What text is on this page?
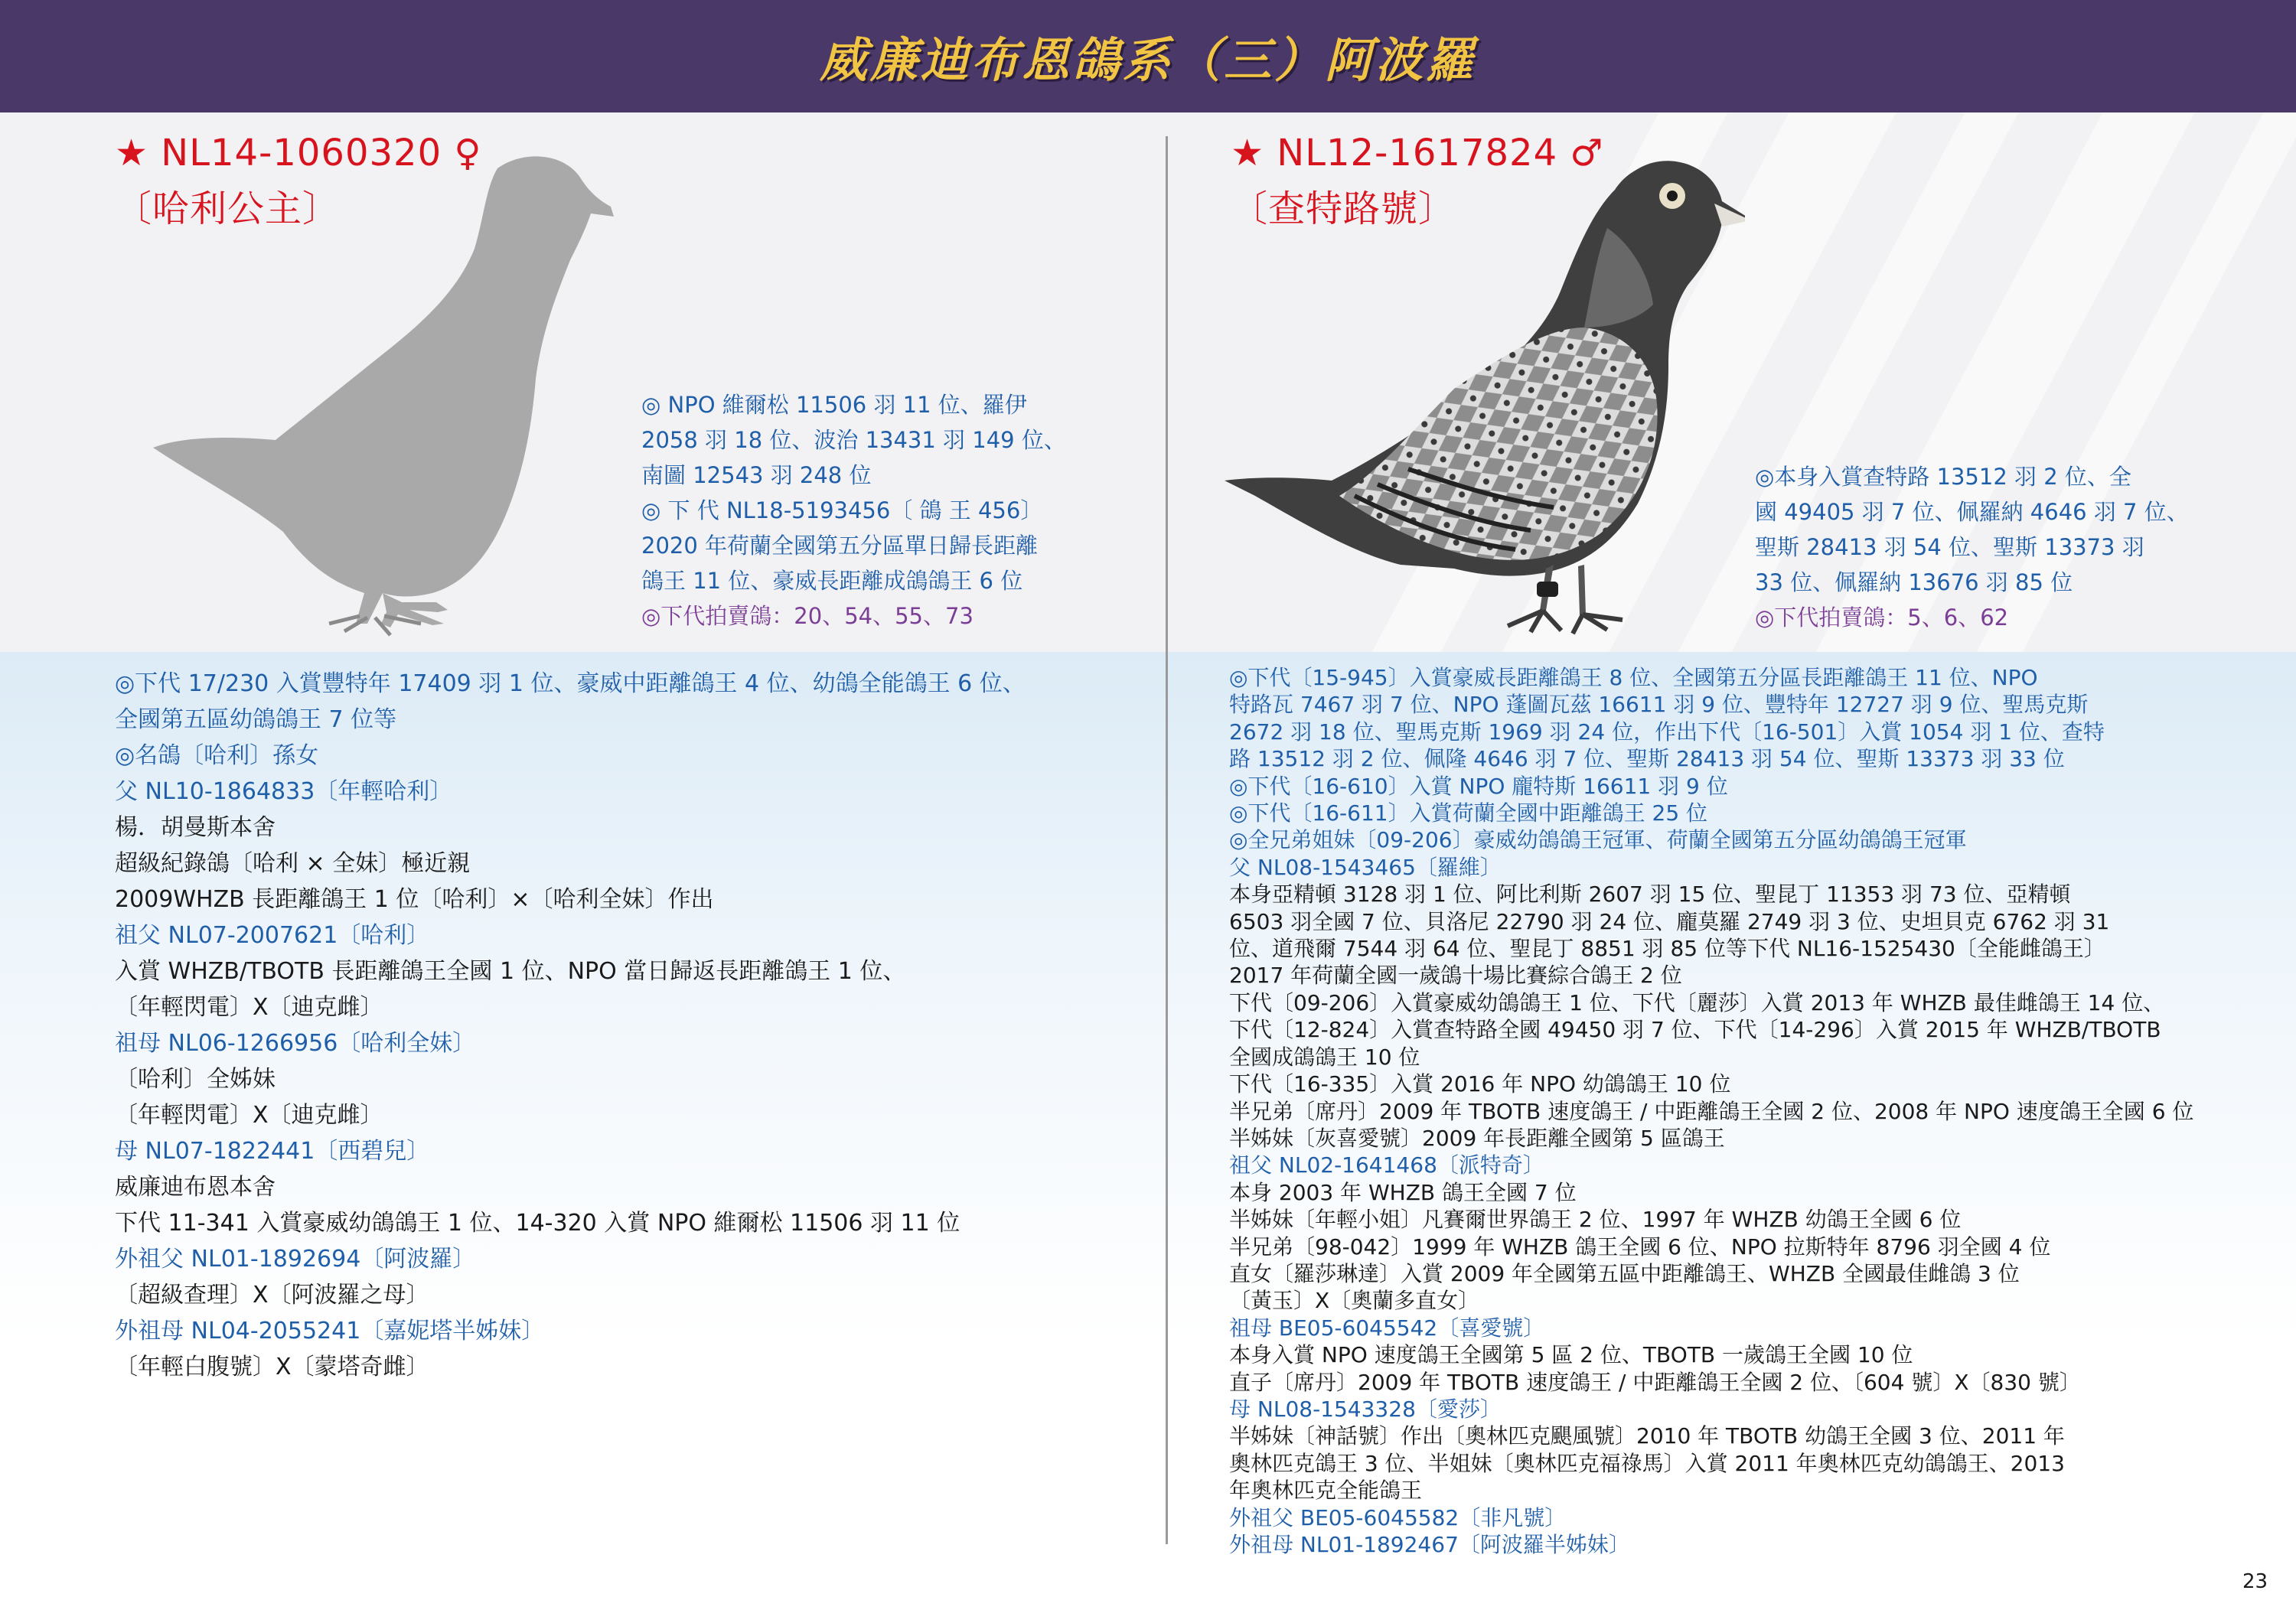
威廉迪布恩鴿系（三）阿波羅
★ NL14-1060320 ♀
〔哈利公主〕
◎ NPO 維爾松 11506 羽 11 位、羅伊
2058 羽 18 位、波治 13431 羽 149 位、
南圖 12543 羽 248 位
◎ 下 代 NL18-5193456〔 鴿 王 456〕
2020 年荷蘭全國第五分區單日歸長距離
鴿王 11 位、豪威長距離成鴿鴿王 6 位
◎下代拍賣鴿：20、54、55、73
★ NL12-1617824 ♂
〔查特路號〕
◎本身入賞查特路 13512 羽 2 位、全
國 49405 羽 7 位、佩羅納 4646 羽 7 位、
聖斯 28413 羽 54 位、聖斯 13373 羽
33 位、佩羅納 13676 羽 85 位
◎下代拍賣鴿：5、6、62
◎下代 17/230 入賞豐特年 17409 羽 1 位、豪威中距離鴿王 4 位、幼鴿全能鴿王 6 位、
全國第五區幼鴿鴿王 7 位等
◎名鴿〔哈利〕孫女
父 NL10-1864833〔年輕哈利〕
楊．胡曼斯本舍
超級紀錄鴿〔哈利 × 全妹〕極近親
2009WHZB 長距離鴿王 1 位〔哈利〕×〔哈利全妹〕作出
祖父 NL07-2007621〔哈利〕
入賞 WHZB/TBOTB 長距離鴿王全國 1 位、NPO 當日歸返長距離鴿王 1 位、
〔年輕閃電〕X〔迪克雌〕
祖母 NL06-1266956〔哈利全妹〕
〔哈利〕全姊妹
〔年輕閃電〕X〔迪克雌〕
母 NL07-1822441〔西碧兒〕
威廉迪布恩本舍
下代 11-341 入賞豪威幼鴿鴿王 1 位、14-320 入賞 NPO 維爾松 11506 羽 11 位
外祖父 NL01-1892694〔阿波羅〕
〔超級查理〕X〔阿波羅之母〕
外祖母 NL04-2055241〔嘉妮塔半姊妹〕
〔年輕白腹號〕X〔蒙塔奇雌〕
◎下代〔15-945〕入賞豪威長距離鴿王 8 位、全國第五分區長距離鴿王 11 位、NPO
特路瓦 7467 羽 7 位、NPO 蓬圖瓦茲 16611 羽 9 位、豐特年 12727 羽 9 位、聖馬克斯
2672 羽 18 位、聖馬克斯 1969 羽 24 位，作出下代〔16-501〕入賞 1054 羽 1 位、查特
路 13512 羽 2 位、佩隆 4646 羽 7 位、聖斯 28413 羽 54 位、聖斯 13373 羽 33 位
◎下代〔16-610〕入賞 NPO 龐特斯 16611 羽 9 位
◎下代〔16-611〕入賞荷蘭全國中距離鴿王 25 位
◎全兄弟姐妹〔09-206〕豪威幼鴿鴿王冠軍、荷蘭全國第五分區幼鴿鴿王冠軍
父 NL08-1543465〔羅維〕
本身亞精頓 3128 羽 1 位、阿比利斯 2607 羽 15 位、聖昆丁 11353 羽 73 位、亞精頓
6503 羽全國 7 位、貝洛尼 22790 羽 24 位、龐莫羅 2749 羽 3 位、史坦貝克 6762 羽 31
位、道飛爾 7544 羽 64 位、聖昆丁 8851 羽 85 位等下代 NL16-1525430〔全能雌鴿王〕
2017 年荷蘭全國一歲鴿十場比賽綜合鴿王 2 位
下代〔09-206〕入賞豪威幼鴿鴿王 1 位、下代〔麗莎〕入賞 2013 年 WHZB 最佳雌鴿王 14 位、
下代〔12-824〕入賞查特路全國 49450 羽 7 位、下代〔14-296〕入賞 2015 年 WHZB/TBOTB
全國成鴿鴿王 10 位
下代〔16-335〕入賞 2016 年 NPO 幼鴿鴿王 10 位
半兄弟〔席丹〕2009 年 TBOTB 速度鴿王 / 中距離鴿王全國 2 位、2008 年 NPO 速度鴿王全國 6 位
半姊妹〔灰喜愛號〕2009 年長距離全國第 5 區鴿王
祖父 NL02-1641468〔派特奇〕
本身 2003 年 WHZB 鴿王全國 7 位
半姊妹〔年輕小姐〕凡賽爾世界鴿王 2 位、1997 年 WHZB 幼鴿王全國 6 位
半兄弟〔98-042〕1999 年 WHZB 鴿王全國 6 位、NPO 拉斯特年 8796 羽全國 4 位
直女〔羅莎琳達〕入賞 2009 年全國第五區中距離鴿王、WHZB 全國最佳雌鴿 3 位
〔黃玉〕X〔奧蘭多直女〕
祖母 BE05-6045542〔喜愛號〕
本身入賞 NPO 速度鴿王全國第 5 區 2 位、TBOTB 一歲鴿王全國 10 位
直子〔席丹〕2009 年 TBOTB 速度鴿王 / 中距離鴿王全國 2 位、〔604 號〕X〔830 號〕
母 NL08-1543328〔愛莎〕
半姊妹〔神話號〕作出〔奧林匹克颶風號〕2010 年 TBOTB 幼鴿王全國 3 位、2011 年
奧林匹克鴿王 3 位、半姐妹〔奧林匹克福祿馬〕入賞 2011 年奧林匹克幼鴿鴿王、2013
年奧林匹克全能鴿王
外祖父 BE05-6045582〔非凡號〕
外祖母 NL01-1892467〔阿波羅半姊妹〕
23
